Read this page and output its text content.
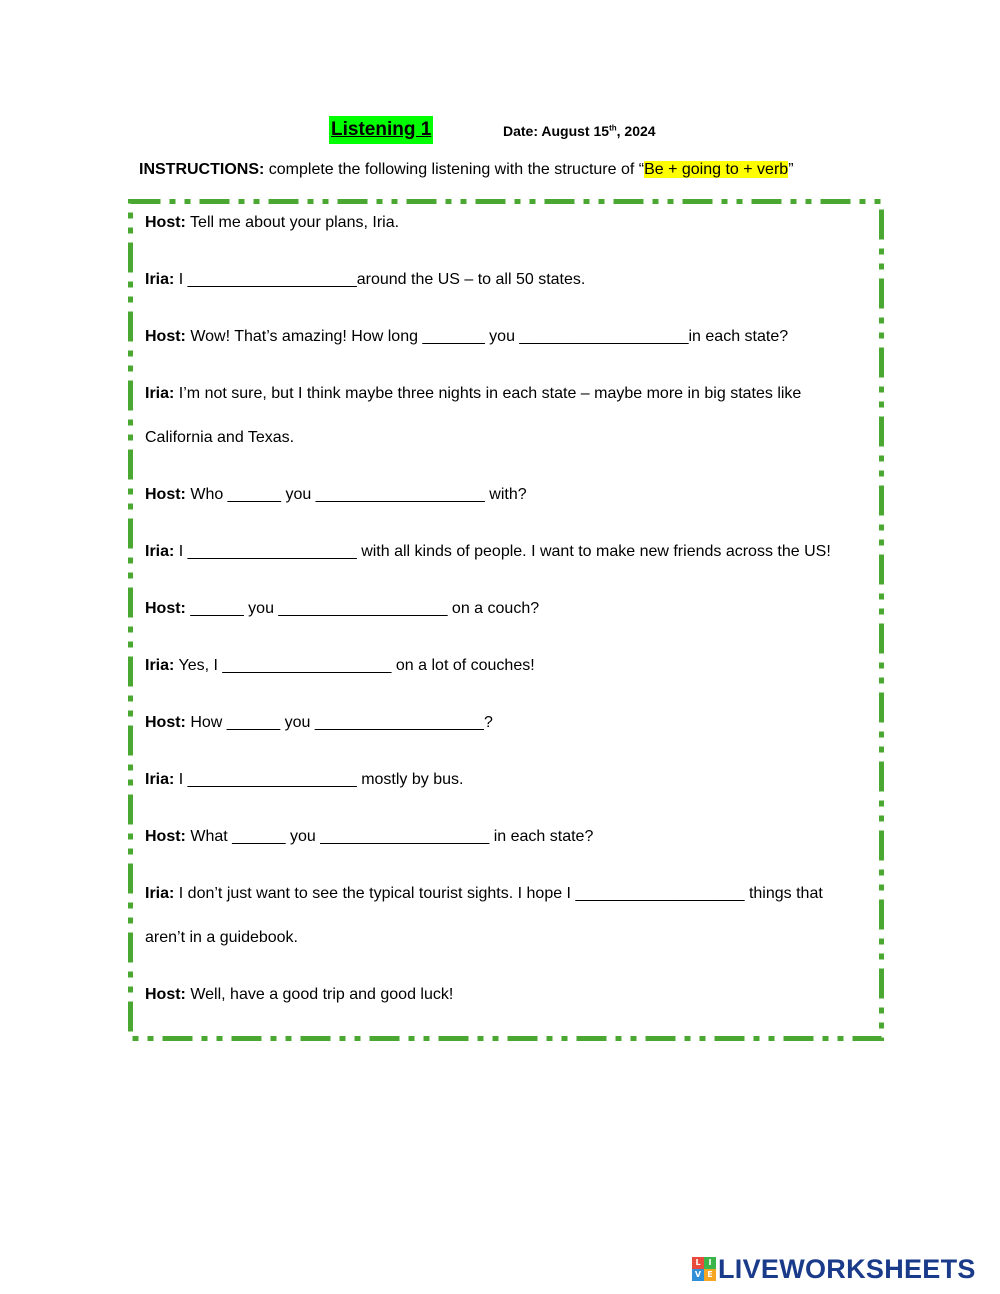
Listening 1	Date: August 15th, 2024
INSTRUCTIONS: complete the following listening with the structure of “Be + going to + verb”
Host: Tell me about your plans, Iria.
Iria: I ___________________around the US – to all 50 states.
Host: Wow! That’s amazing! How long _______ you ___________________in each state?
Iria: I’m not sure, but I think maybe three nights in each state – maybe more in big states like
California and Texas.
Host: Who ______ you ___________________ with?
Iria: I ___________________ with all kinds of people. I want to make new friends across the US!
Host: ______ you ___________________ on a couch?
Iria: Yes, I ___________________ on a lot of couches!
Host: How ______ you ___________________?
Iria: I ___________________ mostly by bus.
Host: What ______ you ___________________ in each state?
Iria: I don’t just want to see the typical tourist sights. I hope I ___________________ things that
aren’t in a guidebook.
Host: Well, have a good trip and good luck!
L I
V E LIVEWORKSHEETS
